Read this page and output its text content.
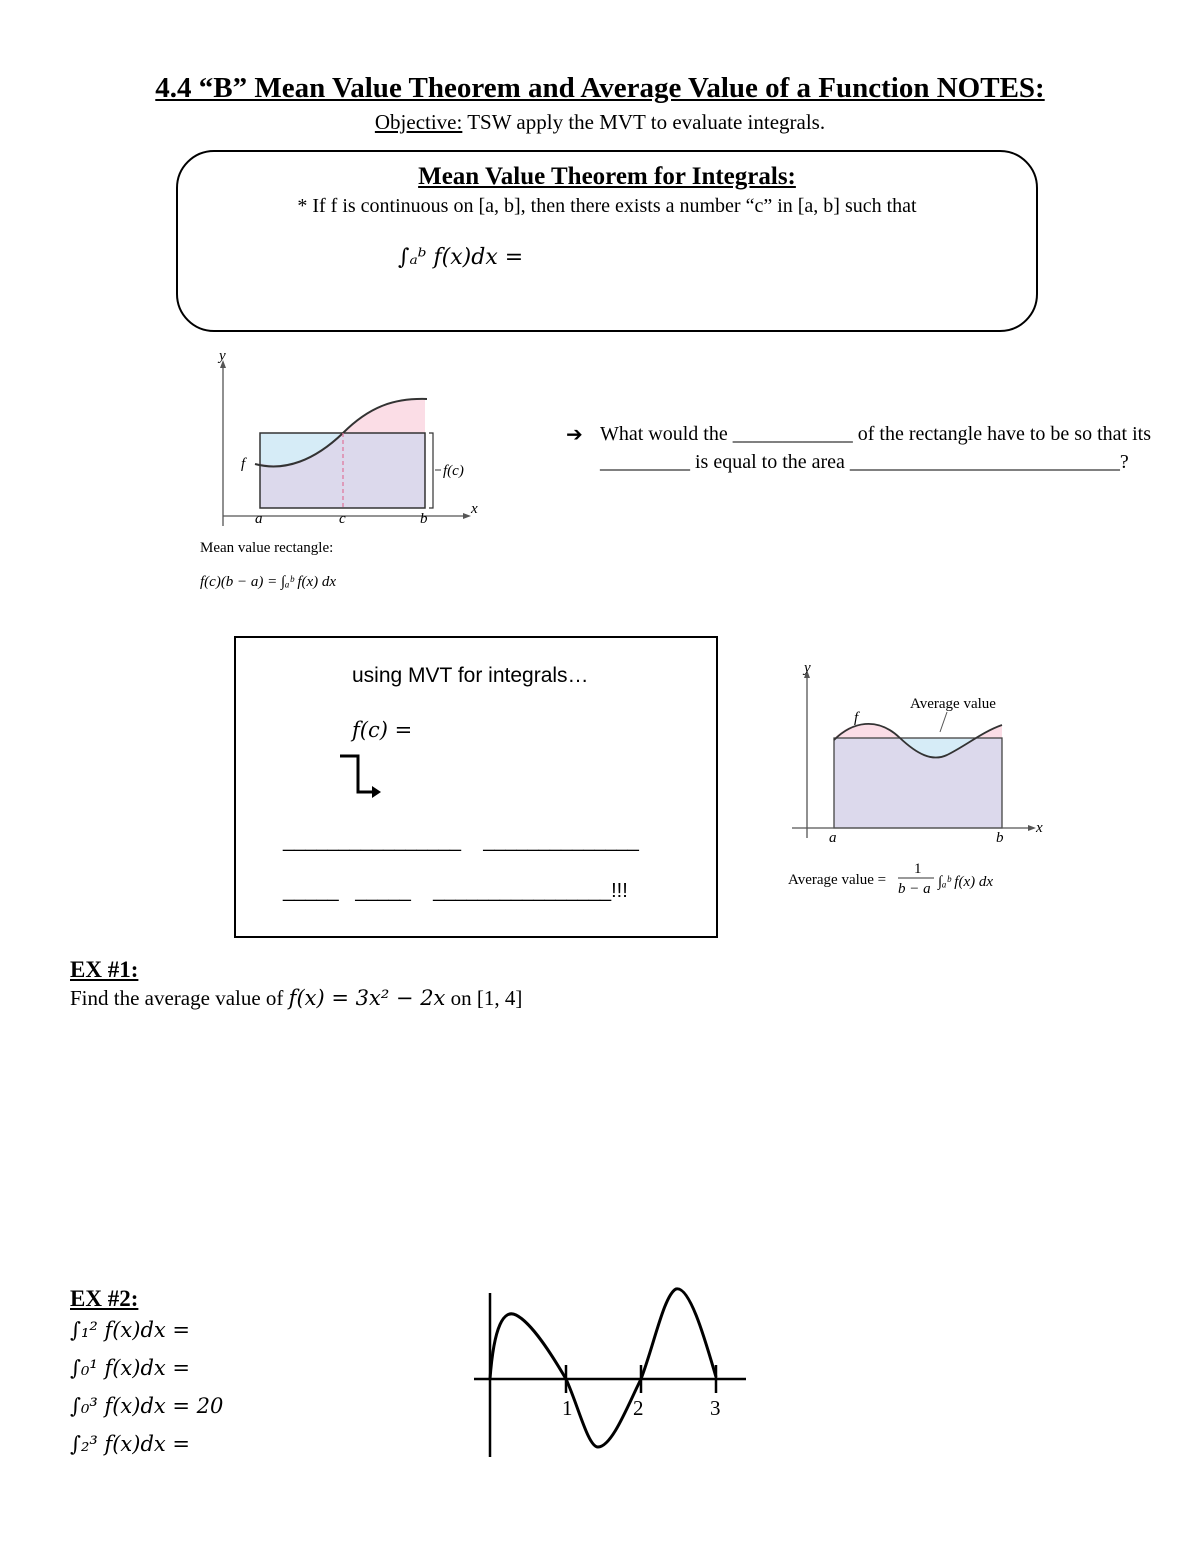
4.4 “B” Mean Value Theorem and Average Value of a Function NOTES:
Objective: TSW apply the MVT to evaluate integrals.
Mean Value Theorem for Integrals:
* If f is continuous on [a, b], then there exists a number “c” in [a, b] such that
∫ₐᵇ f(x)dx =
y
x
f	f(c)
a	c	b
Mean value rectangle:
f(c)(b − a) = ∫ₐᵇ f(x) dx
➔ What would the ____________ of the rectangle have to be so that its _________ is equal to the area ___________________________?
using MVT for integrals…
f(c) =
________________    ______________
_____   _____    ________________!!!
y
x
f
Average value
a	b
Average value =
1
b − a ∫ₐᵇ f(x) dx
EX #1:
Find the average value of f(x) = 3x² − 2x on [1, 4]
EX #2:
∫₁² f(x)dx =
∫₀¹ f(x)dx =
∫₀³ f(x)dx = 20
∫₂³ f(x)dx =
1	2	3
